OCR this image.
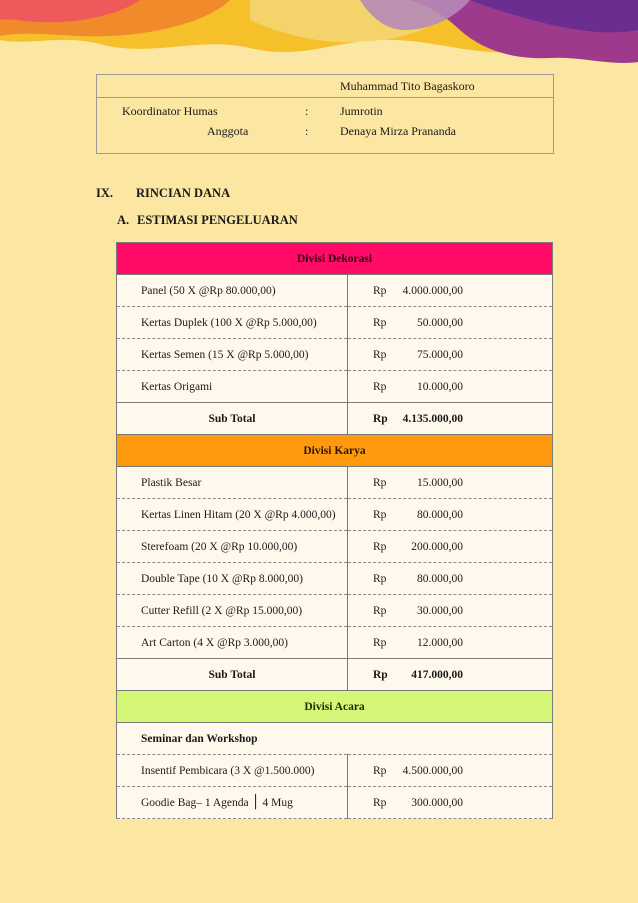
Muhammad Tito Bagaskoro
Koordinator Humas	:	Jumrotin
Anggota	:	Denaya Mirza Prananda
IX. RINCIAN DANA
A. ESTIMASI PENGELUARAN
Divisi Dekorasi	
Panel (50 X @Rp 80.000,00)	Rp 4.000.000,00
Kertas Duplek (100 X @Rp 5.000,00)	Rp 50.000,00
Kertas Semen (15 X @Rp 5.000,00)	Rp 75.000,00
Kertas Origami	Rp 10.000,00
Sub Total	Rp 4.135.000,00
Divisi Karya	
Plastik Besar	Rp 15.000,00
Kertas Linen Hitam (20 X @Rp 4.000,00)	Rp 80.000,00
Sterefoam (20 X @Rp 10.000,00)	Rp 200.000,00
Double Tape (10 X @Rp 8.000,00)	Rp 80.000,00
Cutter Refill (2 X @Rp 15.000,00)	Rp 30.000,00
Art Carton (4 X @Rp 3.000,00)	Rp 12.000,00
Sub Total	Rp 417.000,00
Divisi Acara	
Seminar dan Workshop	
Insentif Pembicara (3 X @1.500.000)	Rp 4.500.000,00
Goodie Bag– 1 Agenda │ 4 Mug	Rp 300.000,00
